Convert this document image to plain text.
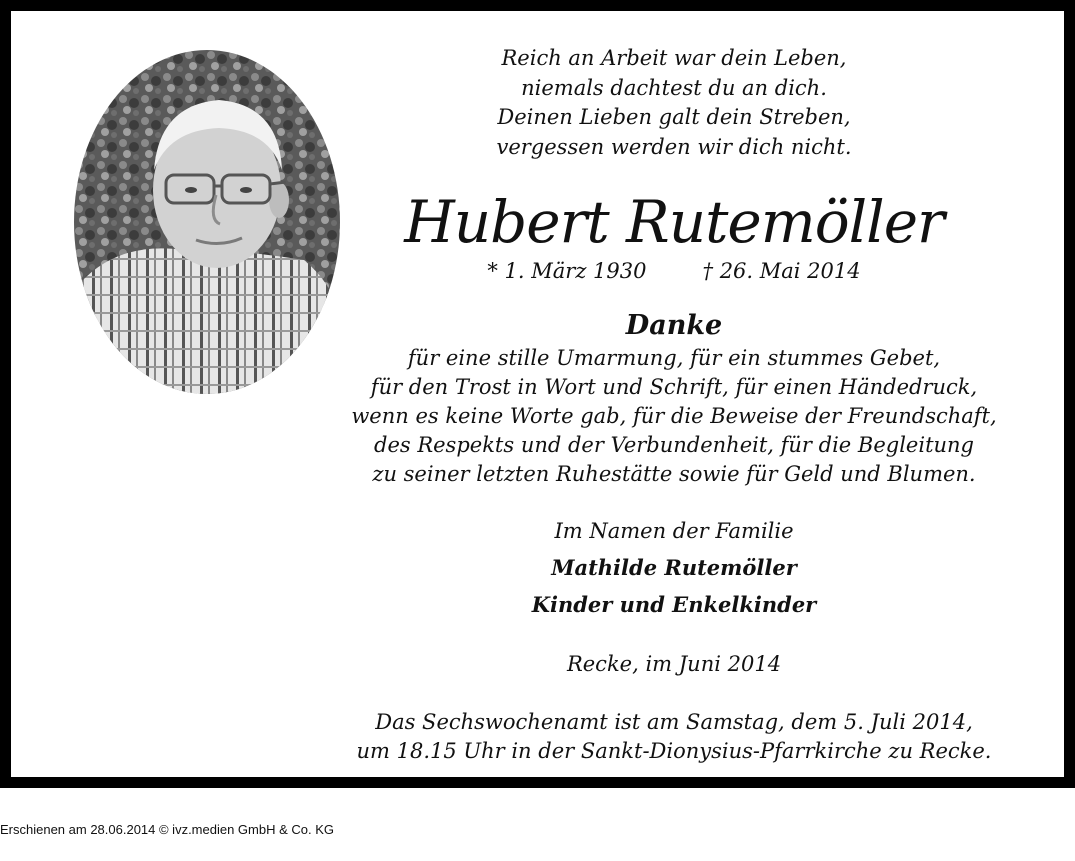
Reich an Arbeit war dein Leben,
niemals dachtest du an dich.
Deinen Lieben galt dein Streben,
vergessen werden wir dich nicht.
Hubert Rutemöller
* 1. März 1930	† 26. Mai 2014
Danke
für eine stille Umarmung, für ein stummes Gebet,
für den Trost in Wort und Schrift, für einen Händedruck,
wenn es keine Worte gab, für die Beweise der Freundschaft,
des Respekts und der Verbundenheit, für die Begleitung
zu seiner letzten Ruhestätte sowie für Geld und Blumen.
Im Namen der Familie
Mathilde Rutemöller
Kinder und Enkelkinder
Recke, im Juni 2014
Das Sechswochenamt ist am Samstag, dem 5. Juli 2014,
um 18.15 Uhr in der Sankt-Dionysius-Pfarrkirche zu Recke.
Erschienen am 28.06.2014 © ivz.medien GmbH & Co. KG
